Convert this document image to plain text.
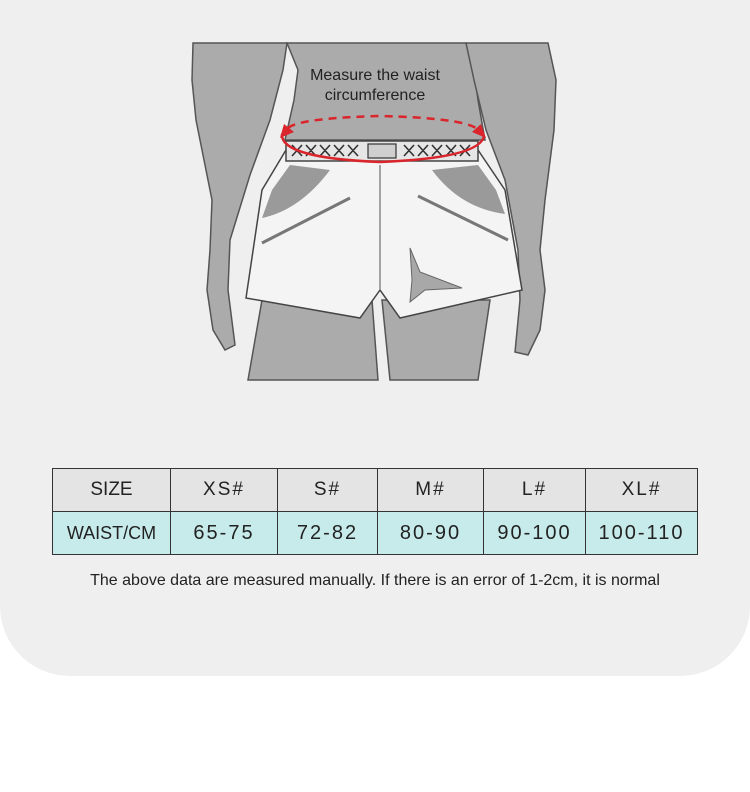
Measure the waist
circumference
SIZE	XS#	S#	M#	L#	XL#
WAIST/CM	65-75	72-82	80-90	90-100	100-110
The above data are measured manually. If there is an error of 1-2cm, it is normal
